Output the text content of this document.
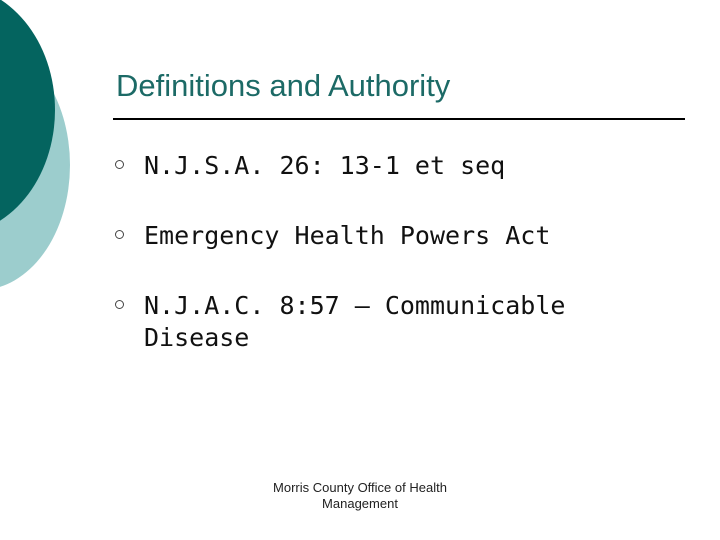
Definitions and Authority
N.J.S.A. 26: 13-1 et seq
Emergency Health Powers Act
N.J.A.C. 8:57 – Communicable Disease
Morris County Office of Health
Management
